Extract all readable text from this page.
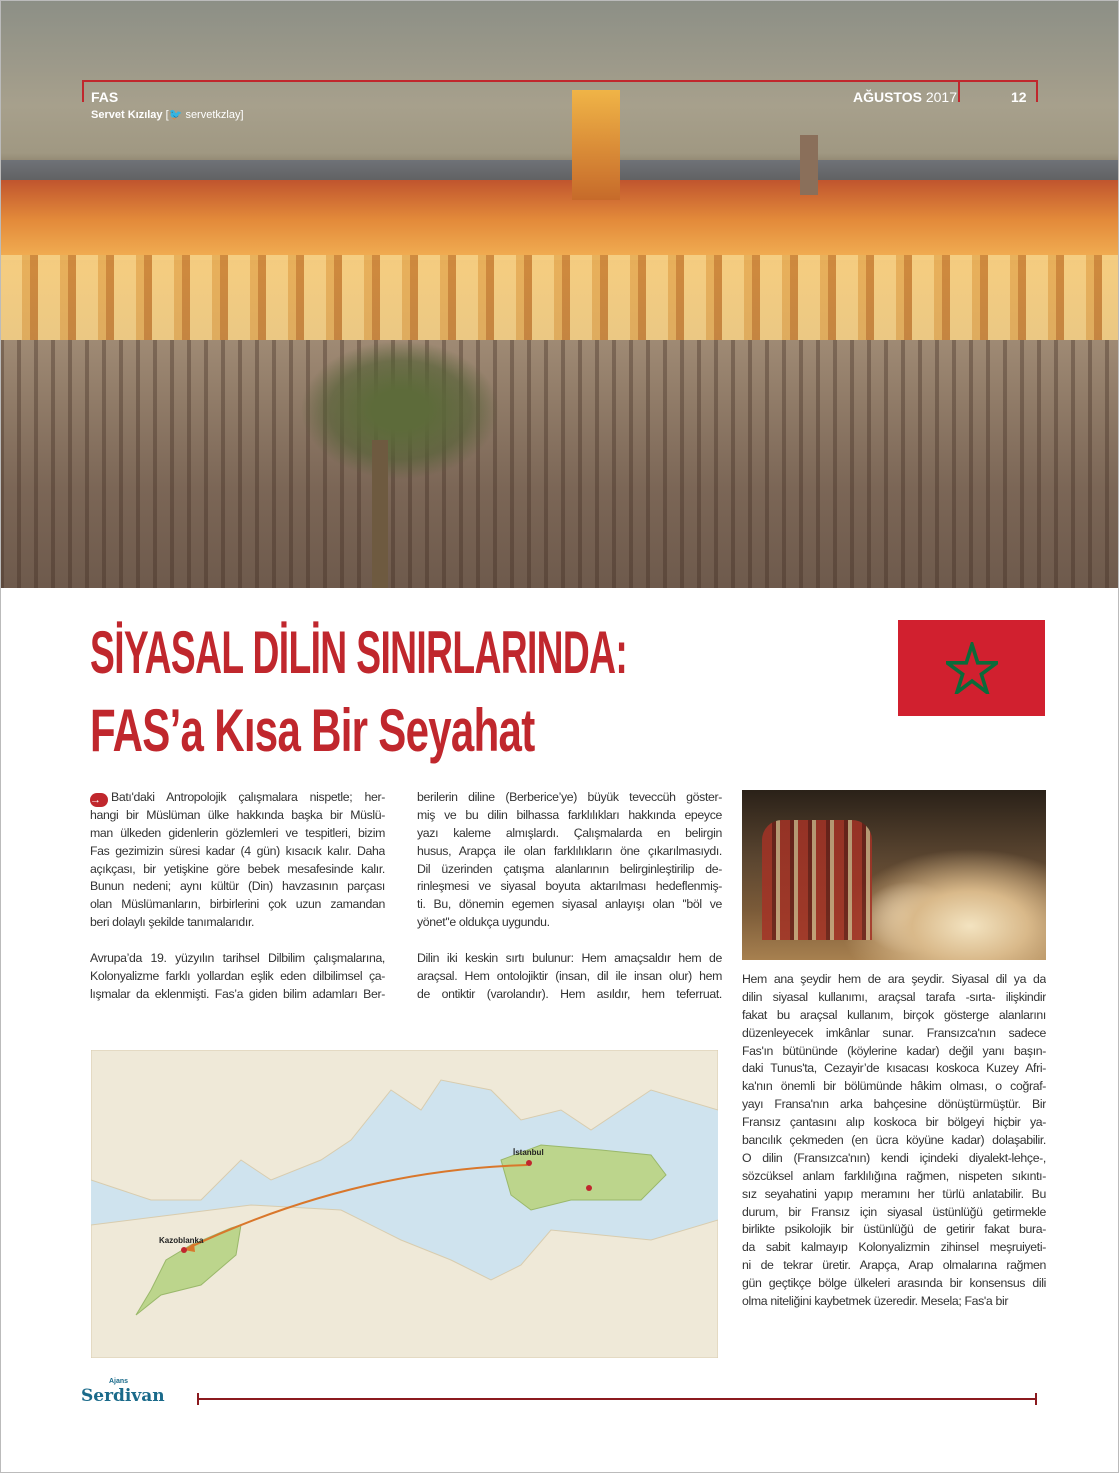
FAS
Servet Kızılay [🐦 servetkzlay]
AĞUSTOS 2017	12
SİYASAL DİLİN SINIRLARINDA:
FAS’a Kısa Bir Seyahat
→ Batı'daki Antropolojik çalışmalara nispetle; her-
hangi bir Müslüman ülke hakkında başka bir Müslü-
man ülkeden gidenlerin gözlemleri ve tespitleri, bizim
Fas gezimizin süresi kadar (4 gün) kısacık kalır. Daha
açıkçası, bir yetişkine göre bebek mesafesinde kalır.
Bunun nedeni; aynı kültür (Din) havzasının parçası
olan Müslümanların, birbirlerini çok uzun zamandan
beri dolaylı şekilde tanımalarıdır.
Avrupa’da 19. yüzyılın tarihsel Dilbilim çalışmalarına,
Kolonyalizme farklı yollardan eşlik eden dilbilimsel ça-
lışmalar da eklenmişti. Fas’a giden bilim adamları Ber-
berilerin diline (Berberice’ye) büyük teveccüh göster-
miş ve bu dilin bilhassa farklılıkları hakkında epeyce
yazı kaleme almışlardı. Çalışmalarda en belirgin
husus, Arapça ile olan farklılıkların öne çıkarılmasıydı.
Dil üzerinden çatışma alanlarının belirginleştirilip de-
rinleşmesi ve siyasal boyuta aktarılması hedeflenmiş-
ti. Bu, dönemin egemen siyasal anlayışı olan ''böl ve
yönet''e oldukça uygundu.
Dilin iki keskin sırtı bulunur: Hem amaçsaldır hem de
araçsal. Hem ontolojiktir (insan, dil ile insan olur) hem
de ontiktir (varolandır). Hem asıldır, hem teferruat.
Hem ana şeydir hem de ara şeydir. Siyasal dil ya da
dilin siyasal kullanımı, araçsal tarafa -sırta- ilişkindir
fakat bu araçsal kullanım, birçok gösterge alanlarını
düzenleyecek imkânlar sunar. Fransızca'nın sadece
Fas'ın bütününde (köylerine kadar) değil yanı başın-
daki Tunus'ta, Cezayir’de kısacası koskoca Kuzey Afri-
ka'nın önemli bir bölümünde hâkim olması, o coğraf-
yayı Fransa'nın arka bahçesine dönüştürmüştür. Bir
Fransız çantasını alıp koskoca bir bölgeyi hiçbir ya-
bancılık çekmeden (en ücra köyüne kadar) dolaşabilir.
O dilin (Fransızca'nın) kendi içindeki diyalekt-lehçe-,
sözcüksel anlam farklılığına rağmen, nispeten sıkıntı-
sız seyahatini yapıp meramını her türlü anlatabilir. Bu
durum, bir Fransız için siyasal üstünlüğü getirmekle
birlikte psikolojik bir üstünlüğü de getirir fakat bura-
da sabit kalmayıp Kolonyalizmin zihinsel meşruiyeti-
ni de tekrar üretir. Arapça, Arap olmalarına rağmen
gün geçtikçe bölge ülkeleri arasında bir konsensus dili
olma niteliğini kaybetmek üzeredir. Mesela; Fas'a bir
Kazoblanka
İstanbul
Ajans
Serdivan
